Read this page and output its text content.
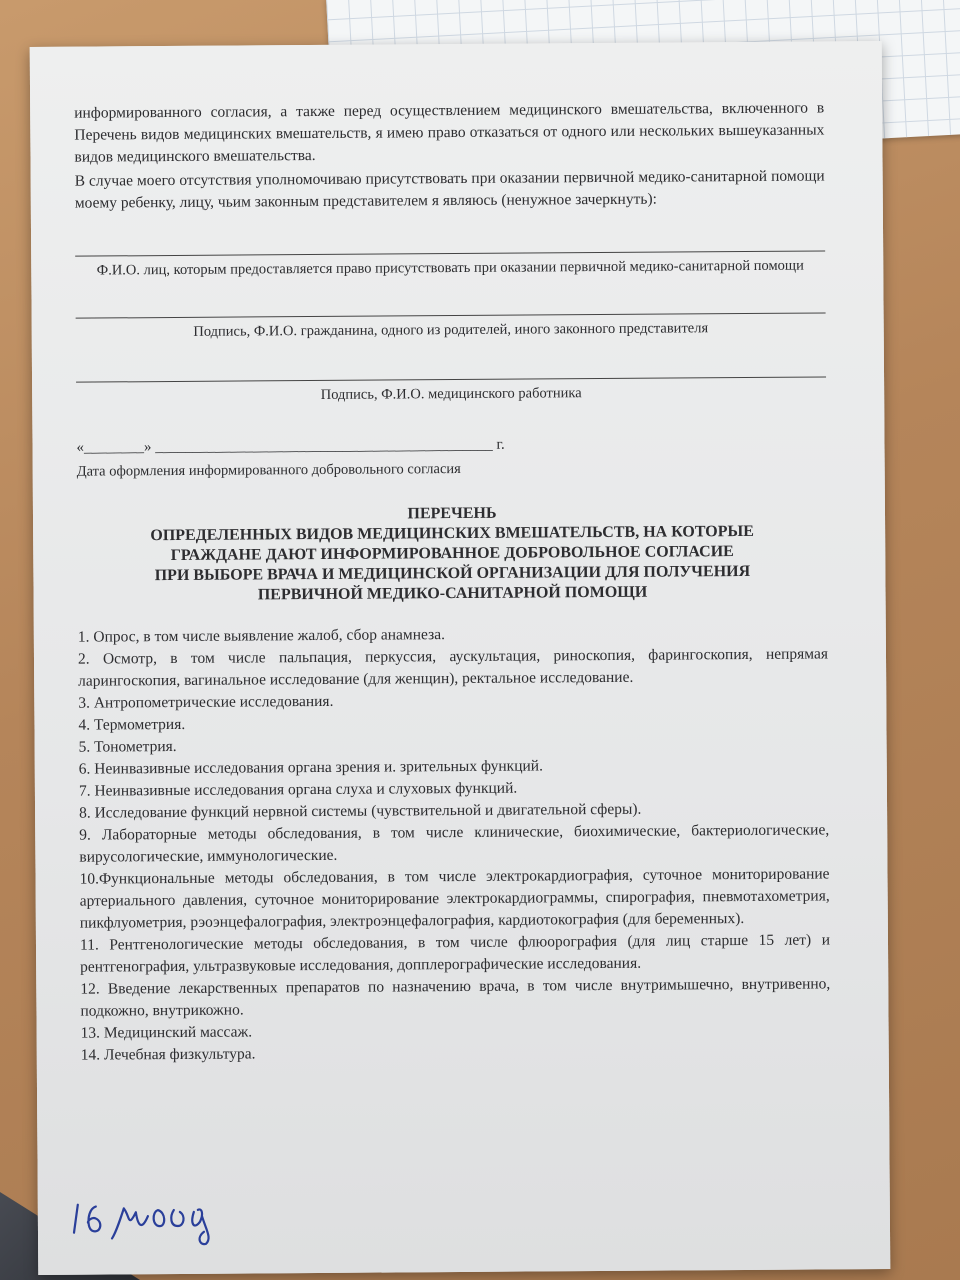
информированного согласия, а также перед осуществлением медицинского вмешательства, включенного в Перечень видов медицинских вмешательств, я имею право отказаться от одного или нескольких вышеуказанных видов медицинского вмешательства.

В случае моего отсутствия уполномочиваю присутствовать при оказании первичной медико-санитарной помощи моему ребенку, лицу, чьим законным представителем я являюсь (ненужное зачеркнуть):

Ф.И.О. лиц, которым предоставляется право присутствовать при оказании первичной медико-санитарной помощи
Подпись, Ф.И.О. гражданина, одного из родителей, иного законного представителя
Подпись, Ф.И.О. медицинского работника
«________» _____________________________________________ г.
Дата оформления информированного добровольного согласия
ПЕРЕЧЕНЬ
ОПРЕДЕЛЕННЫХ ВИДОВ МЕДИЦИНСКИХ ВМЕШАТЕЛЬСТВ, НА КОТОРЫЕ
ГРАЖДАНЕ ДАЮТ ИНФОРМИРОВАННОЕ ДОБРОВОЛЬНОЕ СОГЛАСИЕ
ПРИ ВЫБОРЕ ВРАЧА И МЕДИЦИНСКОЙ ОРГАНИЗАЦИИ ДЛЯ ПОЛУЧЕНИЯ
ПЕРВИЧНОЙ МЕДИКО-САНИТАРНОЙ ПОМОЩИ

1. Опрос, в том числе выявление жалоб, сбор анамнеза.

2. Осмотр, в том числе пальпация, перкуссия, аускультация, риноскопия, фарингоскопия, непрямая ларингоскопия, вагинальное исследование (для женщин), ректальное исследование.

3. Антропометрические исследования.

4. Термометрия.

5. Тонометрия.

6. Неинвазивные исследования органа зрения и. зрительных функций.

7. Неинвазивные исследования органа слуха и слуховых функций.

8. Исследование функций нервной системы (чувствительной и двигательной сферы).

9. Лабораторные методы обследования, в том числе клинические, биохимические, бактериологические, вирусологические, иммунологические.

10.Функциональные методы обследования, в том числе электрокардиография, суточное мониторирование артериального давления, суточное мониторирование электрокардиограммы, спирография, пневмотахометрия, пикфлуометрия, рэоэнцефалография, электроэнцефалография, кардиотокография (для беременных).

11. Рентгенологические методы обследования, в том числе флюорография (для лиц старше 15 лет) и рентгенография, ультразвуковые исследования, допплерографические исследования.

12. Введение лекарственных препаратов по назначению врача, в том числе внутримышечно, внутривенно, подкожно, внутрикожно.

13. Медицинский массаж.

14. Лечебная физкультура.
